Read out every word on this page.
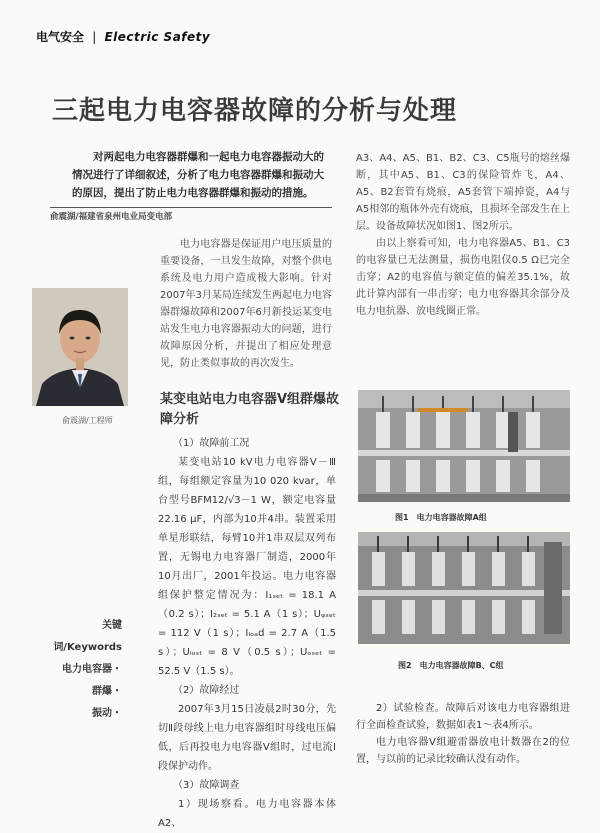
电气安全 | Electric Safety
三起电力电容器故障的分析与处理
对两起电力电容器群爆和一起电力电容器振动大的情况进行了详细叙述，分析了电力电容器群爆和振动大的原因，提出了防止电力电容器群爆和振动的措施。
俞震湖/福建省泉州电业局变电部
电力电容器是保证用户电压质量的重要设备，一旦发生故障，对整个供电系统及电力用户造成极大影响。针对2007年3月某局连续发生两起电力电容器群爆故障和2007年6月新投运某变电站发生电力电容器振动大的问题，进行故障原因分析，并提出了相应处理意见，防止类似事故的再次发生。
俞震湖/工程师
某变电站电力电容器Ⅴ组群爆故障分析

（1）故障前工况

某变电站10 kV电力电容器Ⅴ－Ⅲ组，每组额定容量为10 020 kvar，单台型号BFM12/√3－1 W，额定电容量22.16 μF，内部为10并4串。装置采用单星形联结，每臂10并1串双层双列布置，无锡电力电容器厂制造，2000年10月出厂，2001年投运。电力电容器组保护整定情况为：I₁ₛₑₜ = 18.1 A（0.2 s）；I₂ₛₑₜ = 5.1 A（1 s）；Uᵩₛₑₜ = 112 V（1 s）；Iₗₒₐd = 2.7 A（1.5 s）；Uₗₒₛₜ = 8 V（0.5 s）；Uₒₛₑₜ = 52.5 V（1.5 s）。

（2）故障经过

2007年3月15日凌晨2时30分，先切Ⅱ段母线上电力电容器组时母线电压偏低，后再投电力电容器Ⅴ组时，过电流Ⅰ段保护动作。

（3）故障调查

1）现场察看。电力电容器本体A2、

关键词/Keywords
电力电容器・
群爆・
振动・

A3、A4、A5、B1、B2、C3、C5瓶号的熔丝爆断，其中A5、B1、C3的保险管炸飞，A4、A5、B2套管有烧痕，A5套管下端掉瓷，A4与A5相邻的瓶体外壳有烧痕，且损坏全部发生在上层。设备故障状况如图1、图2所示。

由以上察看可知，电力电容器A5、B1、C3的电容量已无法测量，损伤电阻仅0.5 Ω已完全击穿；A2的电容值与额定值的偏差35.1%，故此计算内部有一串击穿；电力电容器其余部分及电力电抗器、放电线圈正常。

图1　电力电容器故障A组
图2　电力电容器故障B、C组

2）试验检查。故障后对该电力电容器组进行全面检查试验，数据如表1～表4所示。

电力电容器Ⅴ组避雷器放电计数器在2的位置，与以前的记录比较确认没有动作。
